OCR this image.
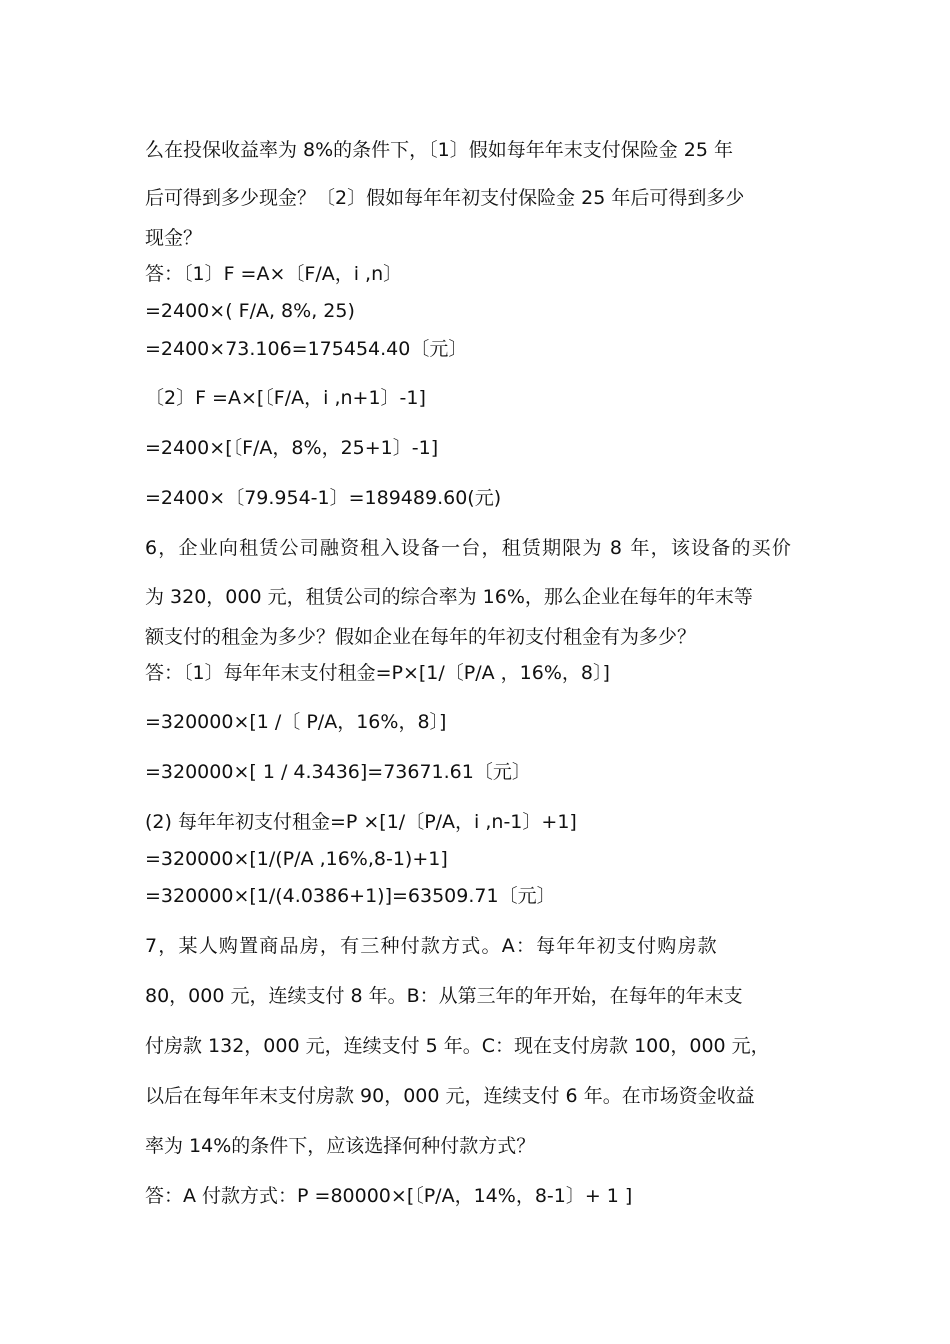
么在投保收益率为 8%的条件下，〔1〕假如每年年末支付保险金 25 年
后可得到多少现金？〔2〕假如每年年初支付保险金 25 年后可得到多少
现金？
答：〔1〕F =A×〔F/A，i ,n〕
=2400×( F/A, 8%, 25)
=2400×73.106=175454.40〔元〕
〔2〕F =A×[〔F/A，i ,n+1〕-1]
=2400×[〔F/A，8%，25+1〕-1]
=2400×〔79.954-1〕=189489.60(元)
6，企业向租赁公司融资租入设备一台，租赁期限为 8 年，该设备的买价
为 320，000 元，租赁公司的综合率为 16%，那么企业在每年的年末等
额支付的租金为多少？假如企业在每年的年初支付租金有为多少？
答：〔1〕每年年末支付租金=P×[1/〔P/A ，16%，8〕]
=320000×[1 /〔 P/A，16%，8〕]
=320000×[ 1 / 4.3436]=73671.61〔元〕
(2) 每年年初支付租金=P ×[1/〔P/A，i ,n-1〕+1]
=320000×[1/(P/A ,16%,8-1)+1]
=320000×[1/(4.0386+1)]=63509.71〔元〕
7，某人购置商品房，有三种付款方式。A：每年年初支付购房款
80，000 元，连续支付 8 年。B：从第三年的年开始，在每年的年末支
付房款 132，000 元，连续支付 5 年。C：现在支付房款 100，000 元，
以后在每年年末支付房款 90，000 元，连续支付 6 年。在市场资金收益
率为 14%的条件下，应该选择何种付款方式？
答：A 付款方式：P =80000×[〔P/A，14%，8-1〕+ 1 ]
